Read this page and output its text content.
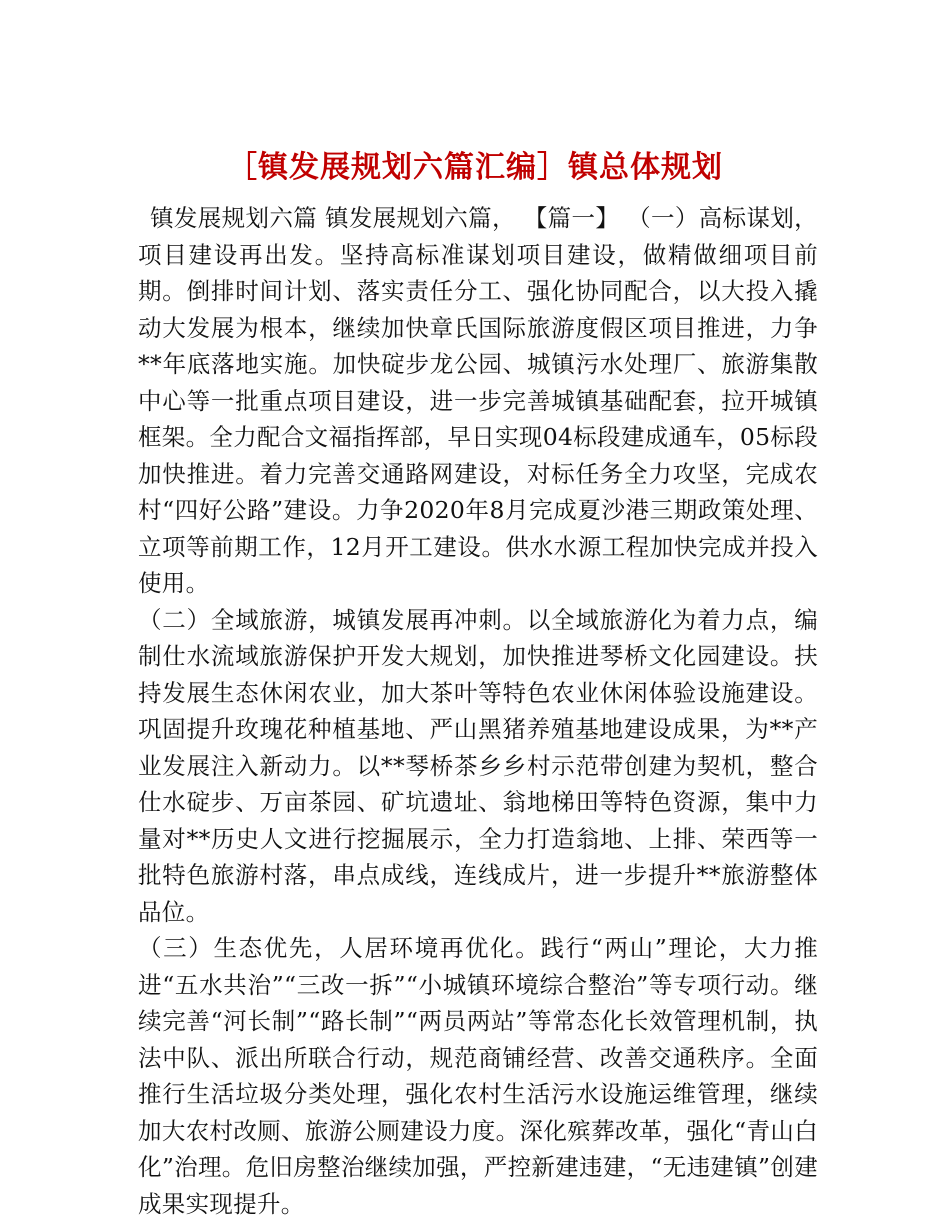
［镇发展规划六篇汇编］镇总体规划

镇发展规划六篇 镇发展规划六篇， 【篇一】 （一）高标谋划，项目建设再出发。坚持高标准谋划项目建设，做精做细项目前期。倒排时间计划、落实责任分工、强化协同配合，以大投入撬动大发展为根本，继续加快章氏国际旅游度假区项目推进，力争**年底落地实施。加快碇步龙公园、城镇污水处理厂、旅游集散中心等一批重点项目建设，进一步完善城镇基础配套，拉开城镇框架。全力配合文福指挥部，早日实现04标段建成通车，05标段加快推进。着力完善交通路网建设，对标任务全力攻坚，完成农村“四好公路”建设。力争2020年8月完成夏沙港三期政策处理、立项等前期工作，12月开工建设。供水水源工程加快完成并投入使用。

（二）全域旅游，城镇发展再冲刺。以全域旅游化为着力点，编制仕水流域旅游保护开发大规划，加快推进琴桥文化园建设。扶持发展生态休闲农业，加大茶叶等特色农业休闲体验设施建设。巩固提升玫瑰花种植基地、严山黑猪养殖基地建设成果，为**产业发展注入新动力。以**琴桥茶乡乡村示范带创建为契机，整合仕水碇步、万亩茶园、矿坑遗址、翁地梯田等特色资源，集中力量对**历史人文进行挖掘展示，全力打造翁地、上排、荣西等一批特色旅游村落，串点成线，连线成片，进一步提升**旅游整体品位。

（三）生态优先，人居环境再优化。践行“两山”理论，大力推进“五水共治”“三改一拆”“小城镇环境综合整治”等专项行动。继续完善“河长制”“路长制”“两员两站”等常态化长效管理机制，执法中队、派出所联合行动，规范商铺经营、改善交通秩序。全面推行生活垃圾分类处理，强化农村生活污水设施运维管理，继续加大农村改厕、旅游公厕建设力度。深化殡葬改革，强化“青山白化”治理。危旧房整治继续加强，严控新建违建，“无违建镇”创建成果实现提升。
